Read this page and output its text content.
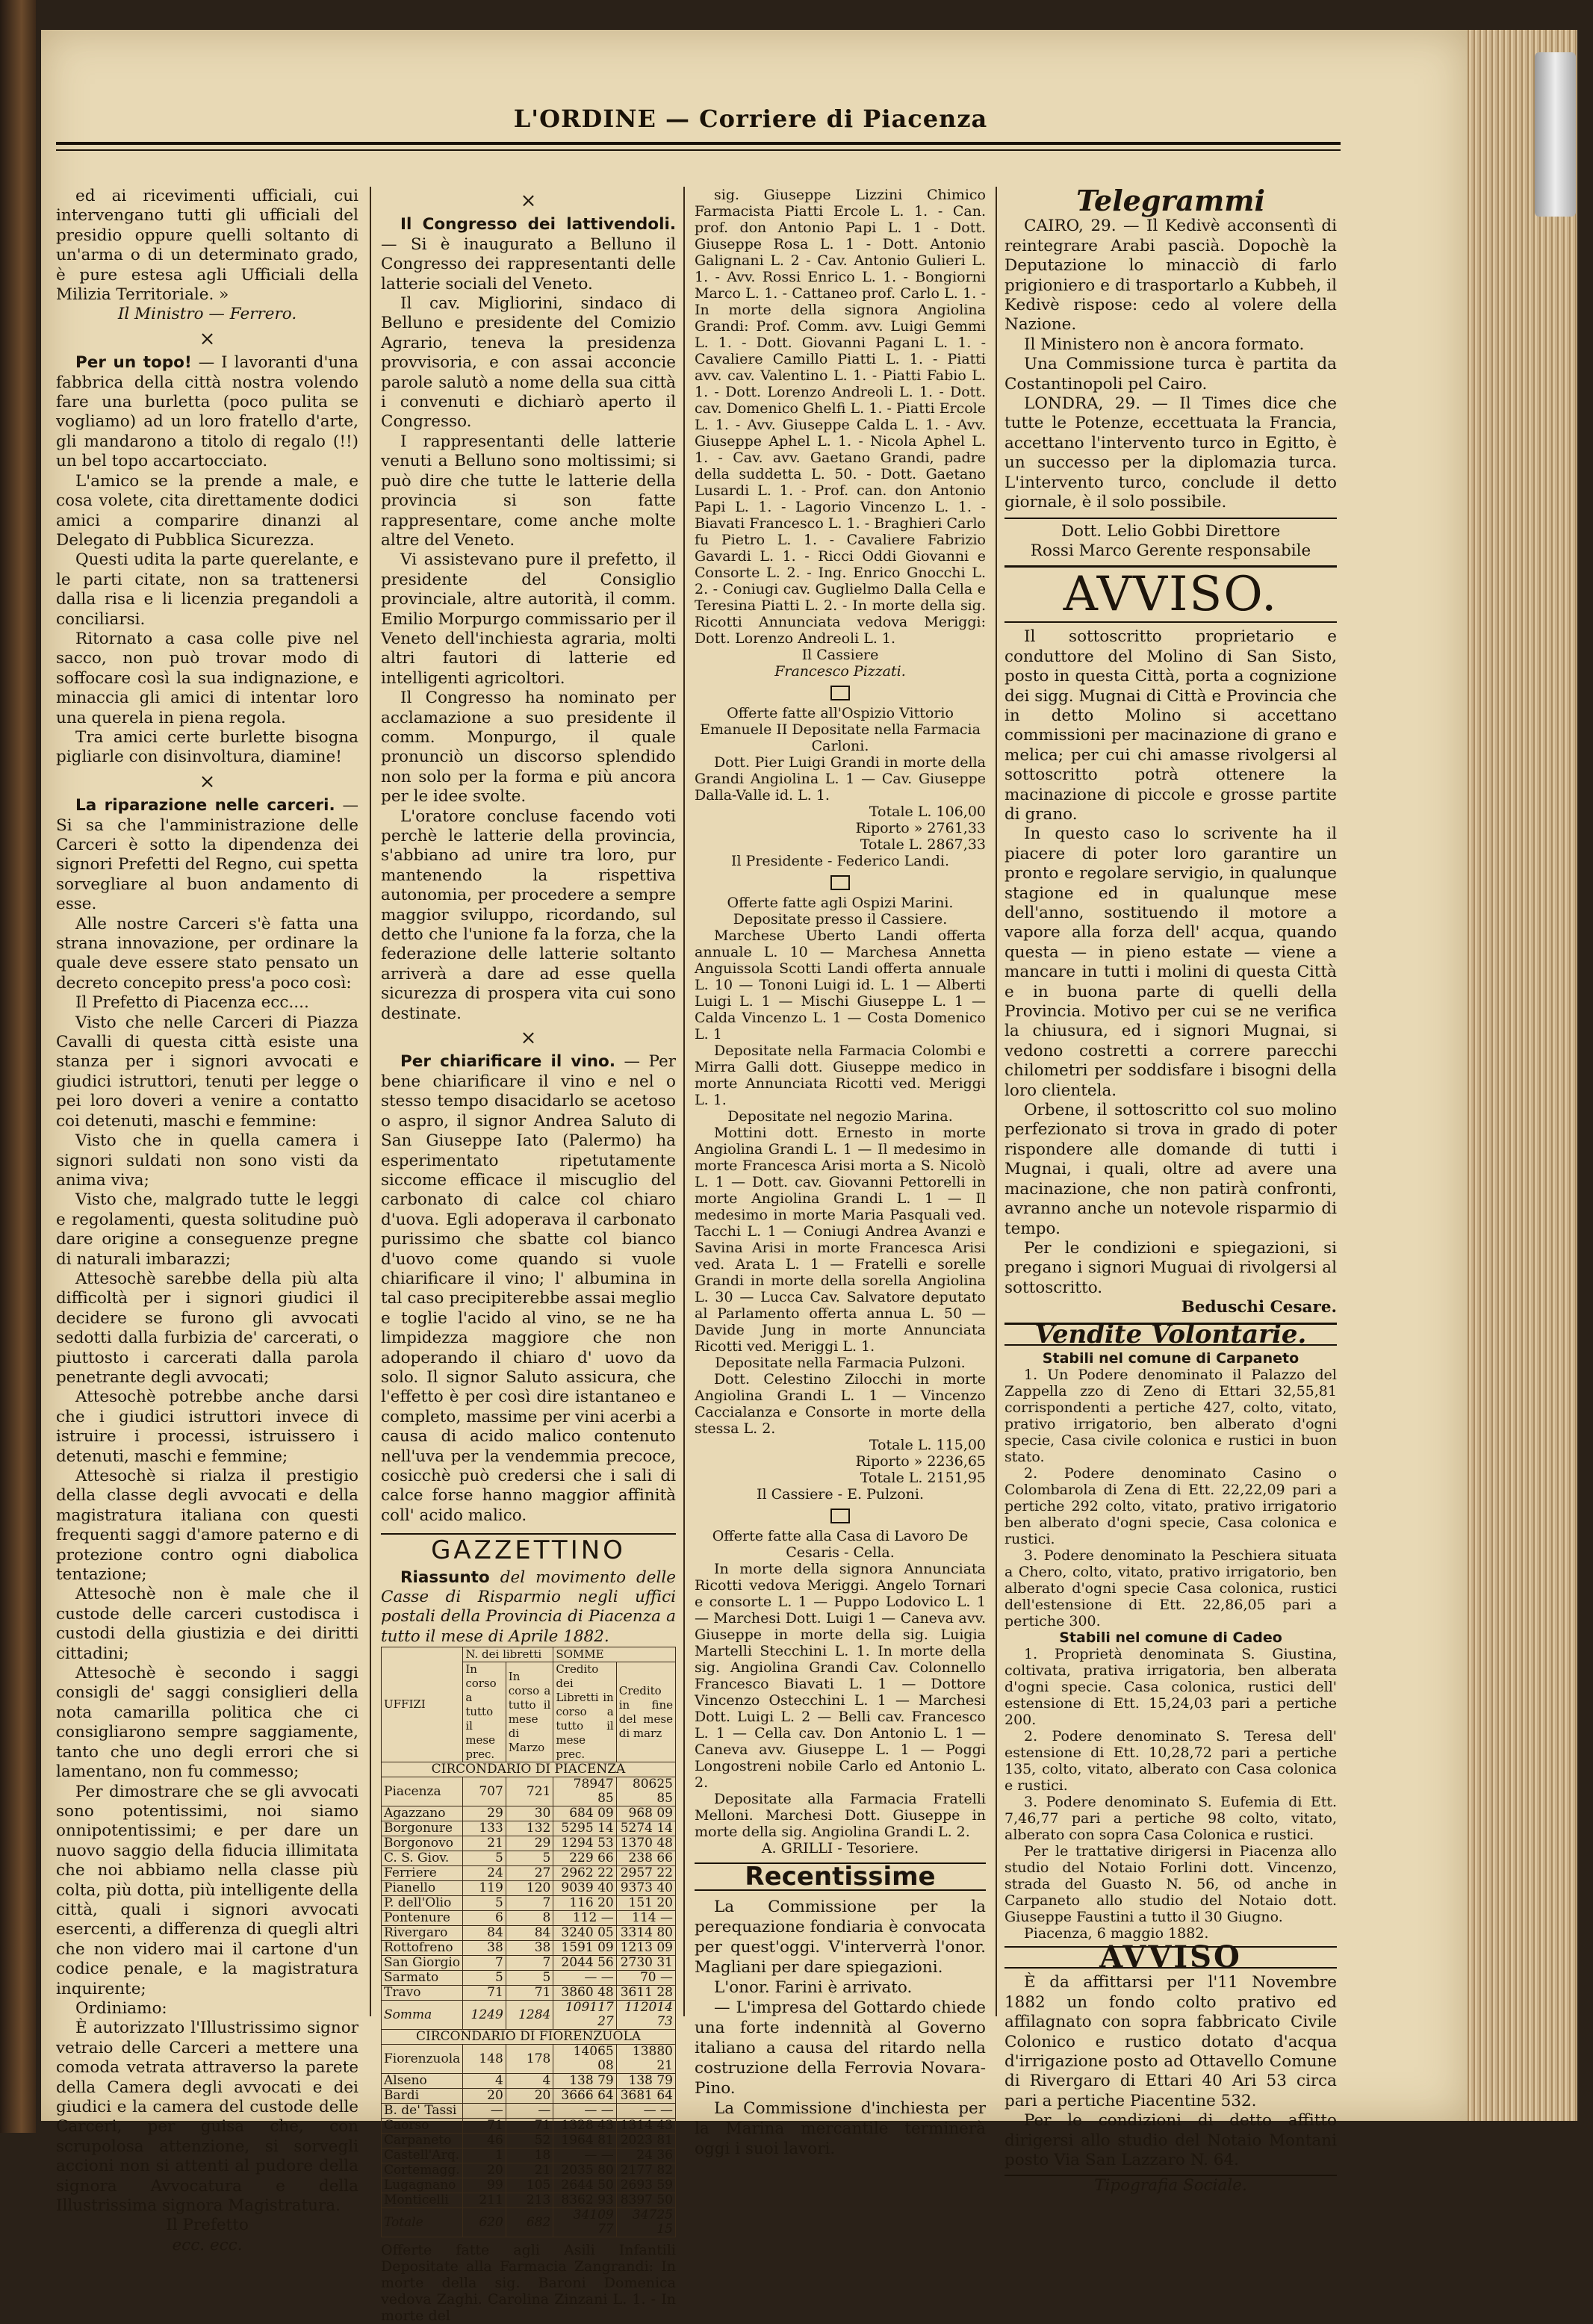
L'ORDINE — Corriere di Piacenza

ed ai ricevimenti ufficiali, cui intervengano tutti gli ufficiali del presidio oppure quelli soltanto di un'arma o di un determinato grado, è pure estesa agli Ufficiali della Milizia Territoriale. »

Il Ministro — Ferrero.

×

Per un topo! — I lavoranti d'una fabbrica della città nostra volendo fare una burletta (poco pulita se vogliamo) ad un loro fratello d'arte, gli mandarono a titolo di regalo (!!) un bel topo accartocciato.

L'amico se la prende a male, e cosa volete, cita direttamente dodici amici a comparire dinanzi al Delegato di Pubblica Sicurezza.

Questi udita la parte querelante, e le parti citate, non sa trattenersi dalla risa e li licenzia pregandoli a conciliarsi.

Ritornato a casa colle pive nel sacco, non può trovar modo di soffocare così la sua indignazione, e minaccia gli amici di intentar loro una querela in piena regola.

Tra amici certe burlette bisogna pigliarle con disinvoltura, diamine!

×

La riparazione nelle carceri. — Si sa che l'amministrazione delle Carceri è sotto la dipendenza dei signori Prefetti del Regno, cui spetta sorvegliare al buon andamento di esse.

Alle nostre Carceri s'è fatta una strana innovazione, per ordinare la quale deve essere stato pensato un decreto concepito press'a poco così:

Il Prefetto di Piacenza ecc....

Visto che nelle Carceri di Piazza Cavalli di questa città esiste una stanza per i signori avvocati e giudici istruttori, tenuti per legge o pei loro doveri a venire a contatto coi detenuti, maschi e femmine:

Visto che in quella camera i signori suldati non sono visti da anima viva;

Visto che, malgrado tutte le leggi e regolamenti, questa solitudine può dare origine a conseguenze pregne di naturali imbarazzi;

Attesochè sarebbe della più alta difficoltà per i signori giudici il decidere se furono gli avvocati sedotti dalla furbizia de' carcerati, o piuttosto i carcerati dalla parola penetrante degli avvocati;

Attesochè potrebbe anche darsi che i giudici istruttori invece di istruire i processi, istruissero i detenuti, maschi e femmine;

Attesochè si rialza il prestigio della classe degli avvocati e della magistratura italiana con questi frequenti saggi d'amore paterno e di protezione contro ogni diabolica tentazione;

Attesochè non è male che il custode delle carceri custodisca i custodi della giustizia e dei diritti cittadini;

Attesochè è secondo i saggi consigli de' saggi consiglieri della nota camarilla politica che ci consigliarono sempre saggiamente, tanto che uno degli errori che si lamentano, non fu commesso;

Per dimostrare che se gli avvocati sono potentissimi, noi siamo onnipotentissimi; e per dare un nuovo saggio della fiducia illimitata che noi abbiamo nella classe più colta, più dotta, più intelligente della città, quali i signori avvocati esercenti, a differenza di quegli altri che non videro mai il cartone d'un codice penale, e la magistratura inquirente;

Ordiniamo:

È autorizzato l'Illustrissimo signor vetraio delle Carceri a mettere una comoda vetrata attraverso la parete della Camera degli avvocati e dei giudici e la camera del custode delle Carceri, per guisa che, con scrupolosa attenzione, si sorvegli accioni non si attenti al pudore della signora Avvocatura e della Illustrissima signora Magistratura.

Il Prefetto

ecc. ecc.

×

Il Congresso dei lattivendoli. — Si è inaugurato a Belluno il Congresso dei rappresentanti delle latterie sociali del Veneto.

Il cav. Migliorini, sindaco di Belluno e presidente del Comizio Agrario, teneva la presidenza provvisoria, e con assai acconcie parole salutò a nome della sua città i convenuti e dichiarò aperto il Congresso.

I rappresentanti delle latterie venuti a Belluno sono moltissimi; si può dire che tutte le latterie della provincia si son fatte rappresentare, come anche molte altre del Veneto.

Vi assistevano pure il prefetto, il presidente del Consiglio provinciale, altre autorità, il comm. Emilio Morpurgo commissario per il Veneto dell'inchiesta agraria, molti altri fautori di latterie ed intelligenti agricoltori.

Il Congresso ha nominato per acclamazione a suo presidente il comm. Monpurgo, il quale pronunciò un discorso splendido non solo per la forma e più ancora per le idee svolte.

L'oratore concluse facendo voti perchè le latterie della provincia, s'abbiano ad unire tra loro, pur mantenendo la rispettiva autonomia, per procedere a sempre maggior sviluppo, ricordando, sul detto che l'unione fa la forza, che la federazione delle latterie soltanto arriverà a dare ad esse quella sicurezza di prospera vita cui sono destinate.

×

Per chiarificare il vino. — Per bene chiarificare il vino e nel o stesso tempo disacidarlo se acetoso o aspro, il signor Andrea Saluto di San Giuseppe Iato (Palermo) ha esperimentato ripetutamente siccome efficace il miscuglio del carbonato di calce col chiaro d'uova. Egli adoperava il carbonato purissimo che sbatte col bianco d'uovo come quando si vuole chiarificare il vino; l' albumina in tal caso precipiterebbe assai meglio e toglie l'acido al vino, se ne ha limpidezza maggiore che non adoperando il chiaro d' uovo da solo. Il signor Saluto assicura, che l'effetto è per così dire istantaneo e completo, massime per vini acerbi a causa di acido malico contenuto nell'uva per la vendemmia precoce, cosicchè può credersi che i sali di calce forse hanno maggior affinità coll' acido malico.

GAZZETTINO

Riassunto del movimento delle Casse di Risparmio negli uffici postali della Provincia di Piacenza a tutto il mese di Aprile 1882.

UFFIZI	N. dei libretti		SOMME	
	In corso a tutto il mese prec.	In corso a tutto il mese di Marzo	Credito dei Libretti in corso a tutto il mese prec.	Credito in fine del mese di marz
CIRCONDARIO DI PIACENZA				
Piacenza	707	721	78947 85	80625 85
Agazzano	29	30	684 09	968 09
Borgonure	133	132	5295 14	5274 14
Borgonovo	21	29	1294 53	1370 48
C. S. Giov.	5	5	229 66	238 66
Ferriere	24	27	2962 22	2957 22
Pianello	119	120	9039 40	9373 40
P. dell'Olio	5	7	116 20	151 20
Pontenure	6	8	112 —	114 —
Rivergaro	84	84	3240 05	3314 80
Rottofreno	38	38	1591 09	1213 09
San Giorgio	7	7	2044 56	2730 31
Sarmato	5	5	— —	70 —
Travo	71	71	3860 48	3611 28
Somma	1249	1284	109117 27	112014 73
CIRCONDARIO DI FIORENZUOLA				
Fiorenzuola	148	178	14065 08	13880 21
Alseno	4	4	138 79	138 79
Bardi	20	20	3666 64	3681 64
B. de' Tassi	—	—	— —	— —
Caorso	71	71	1328 43	1314 43
Carpaneto	46	52	1964 81	2023 81
Castell'Arq.	1	18	— —	24 36
Cortemagg.	20	21	2035 80	2177 82
Lugagnano	99	105	2644 50	2693 59
Monticelli	211	213	8362 93	8397 50
Totale	620	682	34109 77	34725 15

Offerte fatte agli Asili Infantili Depositate alla Farmacia Zangrandi: In morte della sig. Baroni Domenica vedova Zaghi. Carolina Zinzani L. 1. - In morte del

sig. Giuseppe Lizzini Chimico Farmacista Piatti Ercole L. 1. - Can. prof. don Antonio Papi L. 1 - Dott. Giuseppe Rosa L. 1 - Dott. Antonio Galignani L. 2 - Cav. Antonio Gulieri L. 1. - Avv. Rossi Enrico L. 1. - Bongiorni Marco L. 1. - Cattaneo prof. Carlo L. 1. - In morte della signora Angiolina Grandi: Prof. Comm. avv. Luigi Gemmi L. 1. - Dott. Giovanni Pagani L. 1. - Cavaliere Camillo Piatti L. 1. - Piatti avv. cav. Valentino L. 1. - Piatti Fabio L. 1. - Dott. Lorenzo Andreoli L. 1. - Dott. cav. Domenico Ghelfi L. 1. - Piatti Ercole L. 1. - Avv. Giuseppe Calda L. 1. - Avv. Giuseppe Aphel L. 1. - Nicola Aphel L. 1. - Cav. avv. Gaetano Grandi, padre della suddetta L. 50. - Dott. Gaetano Lusardi L. 1. - Prof. can. don Antonio Papi L. 1. - Lagorio Vincenzo L. 1. - Biavati Francesco L. 1. - Braghieri Carlo fu Pietro L. 1. - Cavaliere Fabrizio Gavardi L. 1. - Ricci Oddi Giovanni e Consorte L. 2. - Ing. Enrico Gnocchi L. 2. - Coniugi cav. Guglielmo Dalla Cella e Teresina Piatti L. 2. - In morte della sig. Ricotti Annunciata vedova Meriggi: Dott. Lorenzo Andreoli L. 1.

Il Cassiere

Francesco Pizzati.

Offerte fatte all'Ospizio Vittorio Emanuele II Depositate nella Farmacia Carloni.

Dott. Pier Luigi Grandi in morte della Grandi Angiolina L. 1 — Cav. Giuseppe Dalla-Valle id. L. 1.

Totale L. 106,00

Riporto » 2761,33

Totale L. 2867,33

Il Presidente - Federico Landi.

Offerte fatte agli Ospizi Marini. Depositate presso il Cassiere.

Marchese Uberto Landi offerta annuale L. 10 — Marchesa Annetta Anguissola Scotti Landi offerta annuale L. 10 — Tononi Luigi id. L. 1 — Alberti Luigi L. 1 — Mischi Giuseppe L. 1 — Calda Vincenzo L. 1 — Costa Domenico L. 1

Depositate nella Farmacia Colombi e Mirra Galli dott. Giuseppe medico in morte Annunciata Ricotti ved. Meriggi L. 1.

Depositate nel negozio Marina.

Mottini dott. Ernesto in morte Angiolina Grandi L. 1 — Il medesimo in morte Francesca Arisi morta a S. Nicolò L. 1 — Dott. cav. Giovanni Pettorelli in morte Angiolina Grandi L. 1 — Il medesimo in morte Maria Pasquali ved. Tacchi L. 1 — Coniugi Andrea Avanzi e Savina Arisi in morte Francesca Arisi ved. Arata L. 1 — Fratelli e sorelle Grandi in morte della sorella Angiolina L. 30 — Lucca Cav. Salvatore deputato al Parlamento offerta annua L. 50 — Davide Jung in morte Annunciata Ricotti ved. Meriggi L. 1.

Depositate nella Farmacia Pulzoni.

Dott. Celestino Zilocchi in morte Angiolina Grandi L. 1 — Vincenzo Caccialanza e Consorte in morte della stessa L. 2.

Totale L. 115,00

Riporto » 2236,65

Totale L. 2151,95

Il Cassiere - E. Pulzoni.

Offerte fatte alla Casa di Lavoro De Cesaris - Cella.

In morte della signora Annunciata Ricotti vedova Meriggi. Angelo Tornari e consorte L. 1 — Puppo Lodovico L. 1 — Marchesi Dott. Luigi 1 — Caneva avv. Giuseppe in morte della sig. Luigia Martelli Stecchini L. 1. In morte della sig. Angiolina Grandi Cav. Colonnello Francesco Biavati L. 1 — Dottore Vincenzo Ostecchini L. 1 — Marchesi Dott. Luigi L. 2 — Belli cav. Francesco L. 1 — Cella cav. Don Antonio L. 1 — Caneva avv. Giuseppe L. 1 — Poggi Longostreni nobile Carlo ed Antonio L. 2.

Depositate alla Farmacia Fratelli Melloni. Marchesi Dott. Giuseppe in morte della sig. Angiolina Grandi L. 2.

A. GRILLI - Tesoriere.

Recentissime

La Commissione per la perequazione fondiaria è convocata per quest'oggi. V'interverrà l'onor. Magliani per dare spiegazioni.

L'onor. Farini è arrivato.

— L'impresa del Gottardo chiede una forte indennità al Governo italiano a causa del ritardo nella costruzione della Ferrovia Novara-Pino.

La Commissione d'inchiesta per la Marina mercantile terminerà oggi i suoi lavori.

Telegrammi

CAIRO, 29. — Il Kedivè acconsentì di reintegrare Arabi pascià. Dopochè la Deputazione lo minacciò di farlo prigioniero e di trasportarlo a Kubbeh, il Kedivè rispose: cedo al volere della Nazione.

Il Ministero non è ancora formato.

Una Commissione turca è partita da Costantinopoli pel Cairo.

LONDRA, 29. — Il Times dice che tutte le Potenze, eccettuata la Francia, accettano l'intervento turco in Egitto, è un successo per la diplomazia turca. L'intervento turco, conclude il detto giornale, è il solo possibile.

Dott. Lelio Gobbi Direttore

Rossi Marco Gerente responsabile

AVVISO.

Il sottoscritto proprietario e conduttore del Molino di San Sisto, posto in questa Città, porta a cognizione dei sigg. Mugnai di Città e Provincia che in detto Molino si accettano commissioni per macinazione di grano e melica; per cui chi amasse rivolgersi al sottoscritto potrà ottenere la macinazione di piccole e grosse partite di grano.

In questo caso lo scrivente ha il piacere di poter loro garantire un pronto e regolare servigio, in qualunque stagione ed in qualunque mese dell'anno, sostituendo il motore a vapore alla forza dell' acqua, quando questa — in pieno estate — viene a mancare in tutti i molini di questa Città e in buona parte di quelli della Provincia. Motivo per cui se ne verifica la chiusura, ed i signori Mugnai, si vedono costretti a correre parecchi chilometri per soddisfare i bisogni della loro clientela.

Orbene, il sottoscritto col suo molino perfezionato si trova in grado di poter rispondere alle domande di tutti i Mugnai, i quali, oltre ad avere una macinazione, che non patirà confronti, avranno anche un notevole risparmio di tempo.

Per le condizioni e spiegazioni, si pregano i signori Muguai di rivolgersi al sottoscritto.

Beduschi Cesare.

Vendite Volontarie.

Stabili nel comune di Carpaneto

1. Un Podere denominato il Palazzo del Zappella zzo di Zeno di Ettari 32,55,81 corrispondenti a pertiche 427, colto, vitato, prativo irrigatorio, ben alberato d'ogni specie, Casa civile colonica e rustici in buon stato.

2. Podere denominato Casino o Colombarola di Zena di Ett. 22,22,09 pari a pertiche 292 colto, vitato, prativo irrigatorio ben alberato d'ogni specie, Casa colonica e rustici.

3. Podere denominato la Peschiera situata a Chero, colto, vitato, prativo irrigatorio, ben alberato d'ogni specie Casa colonica, rustici dell'estensione di Ett. 22,86,05 pari a pertiche 300.

Stabili nel comune di Cadeo

1. Proprietà denominata S. Giustina, coltivata, prativa irrigatoria, ben alberata d'ogni specie. Casa colonica, rustici dell' estensione di Ett. 15,24,03 pari a pertiche 200.

2. Podere denominato S. Teresa dell' estensione di Ett. 10,28,72 pari a pertiche 135, colto, vitato, alberato con Casa colonica e rustici.

3. Podere denominato S. Eufemia di Ett. 7,46,77 pari a pertiche 98 colto, vitato, alberato con sopra Casa Colonica e rustici.

Per le trattative dirigersi in Piacenza allo studio del Notaio Forlini dott. Vincenzo, strada del Guasto N. 56, od anche in Carpaneto allo studio del Notaio dott. Giuseppe Faustini a tutto il 30 Giugno.

Piacenza, 6 maggio 1882.

AVVISO

È da affittarsi per l'11 Novembre 1882 un fondo colto prativo ed affilagnato con sopra fabbricato Civile Colonico e rustico dotato d'acqua d'irrigazione posto ad Ottavello Comune di Rivergaro di Ettari 40 Ari 53 circa pari a pertiche Piacentine 532.

Per le condizioni di detto affitto dirigersi allo studio del Notaio Montani posto Via San Lazzaro N. 64.

Tipografia Sociale.
